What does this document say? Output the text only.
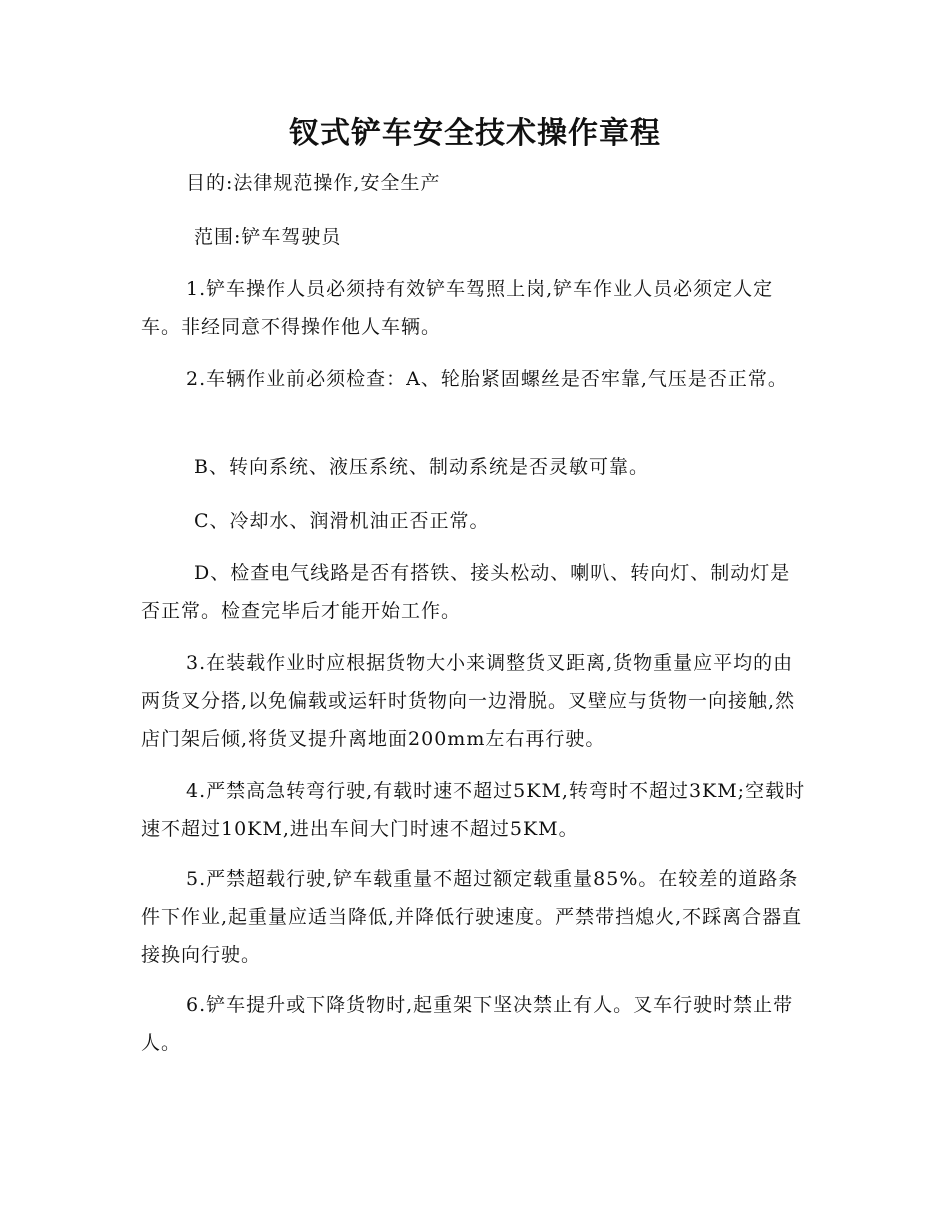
钗式铲车安全技术操作章程

目的:法律规范操作,安全生产

范围:铲车驾驶员

1.铲车操作人员必须持有效铲车驾照上岗,铲车作业人员必须定人定车。非经同意不得操作他人车辆。

2.车辆作业前必须检查：A、轮胎紧固螺丝是否牢靠,气压是否正常。

B、转向系统、液压系统、制动系统是否灵敏可靠。

C、冷却水、润滑机油正否正常。

D、检查电气线路是否有搭铁、接头松动、喇叭、转向灯、制动灯是否正常。检查完毕后才能开始工作。

3.在装载作业时应根据货物大小来调整货叉距离,货物重量应平均的由两货叉分搭,以免偏载或运轩时货物向一边滑脱。叉壁应与货物一向接触,然店门架后倾,将货叉提升离地面200mm左右再行驶。

4.严禁高急转弯行驶,有载时速不超过5KM,转弯时不超过3KM;空载时速不超过10KM,进出车间大门时速不超过5KM。

5.严禁超载行驶,铲车载重量不超过额定载重量85%。在较差的道路条件下作业,起重量应适当降低,并降低行驶速度。严禁带挡熄火,不踩离合器直接换向行驶。

6.铲车提升或下降货物时,起重架下坚决禁止有人。叉车行驶时禁止带人。
